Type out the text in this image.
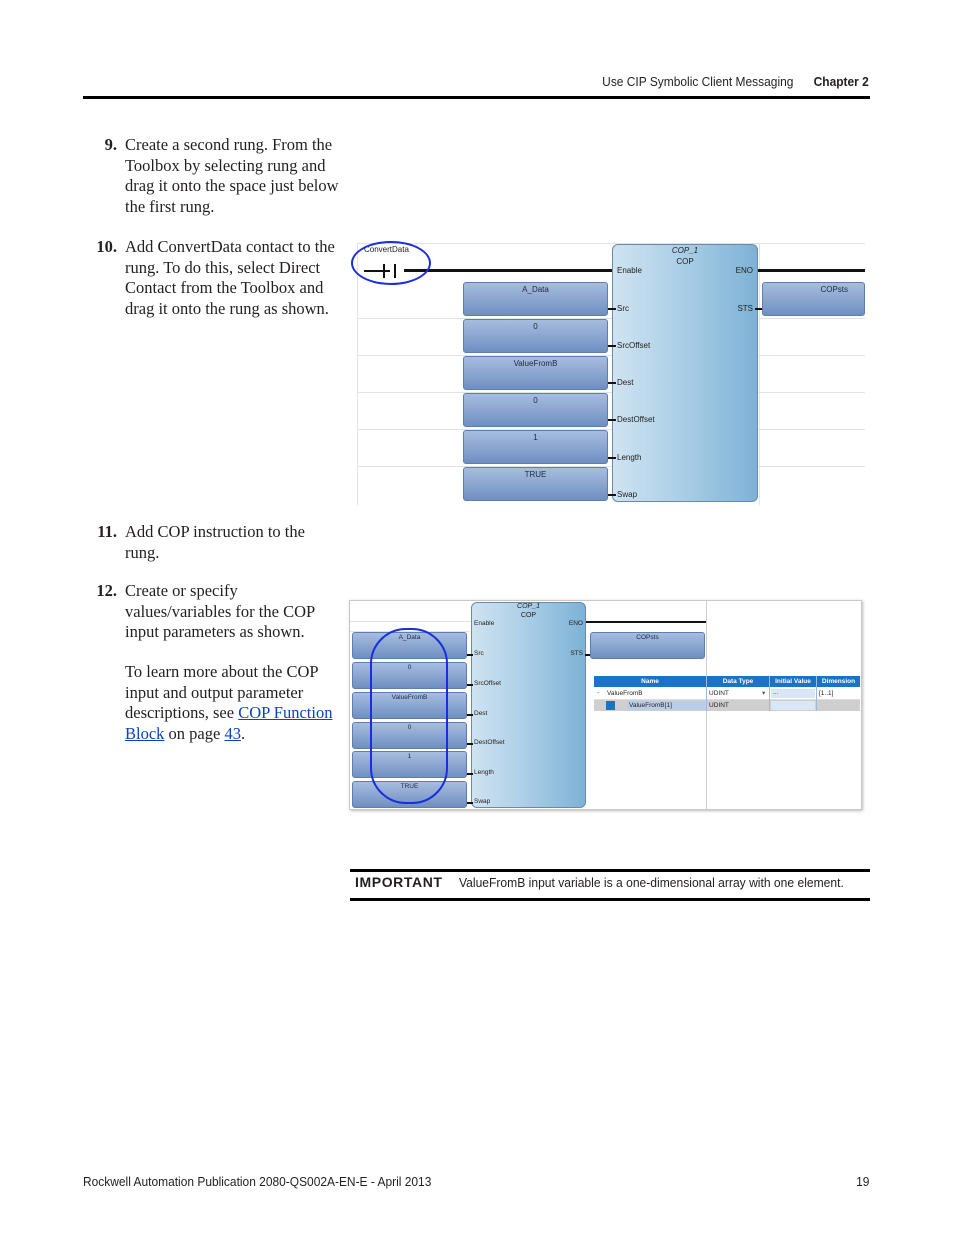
Use CIP Symbolic Client Messaging Chapter 2
9. Create a second rung. From the
Toolbox by selecting rung and
drag it onto the space just below
the first rung.
10. Add ConvertData contact to the
rung. To do this, select Direct
Contact from the Toolbox and
drag it onto the rung as shown.
ConvertData	COP_1
COP
Enable
Src
SrcOffset
Dest
DestOffset
Length
Swap
ENO
STS
A_Data
0
ValueFromB
0
1
TRUE
COPsts
11. Add COP instruction to the
rung.
12. Create or specify
values/variables for the COP
input parameters as shown.
To learn more about the COP
input and output parameter
descriptions, see COP Function
Block on page 43.
COP_1
COP
Enable
Src
SrcOffset
Dest
DestOffset
Length
Swap
ENO
STS
A_Data
0
ValueFromB
0
1
TRUE
COPsts
Name	Data Type	Initial Value	Dimension
- ValueFromB	UDINT	▾ ...	[1..1]
ValueFromB[1]	UDINT
IMPORTANT ValueFromB input variable is a one-dimensional array with one element.
Rockwell Automation Publication 2080-QS002A-EN-E - April 2013	19
